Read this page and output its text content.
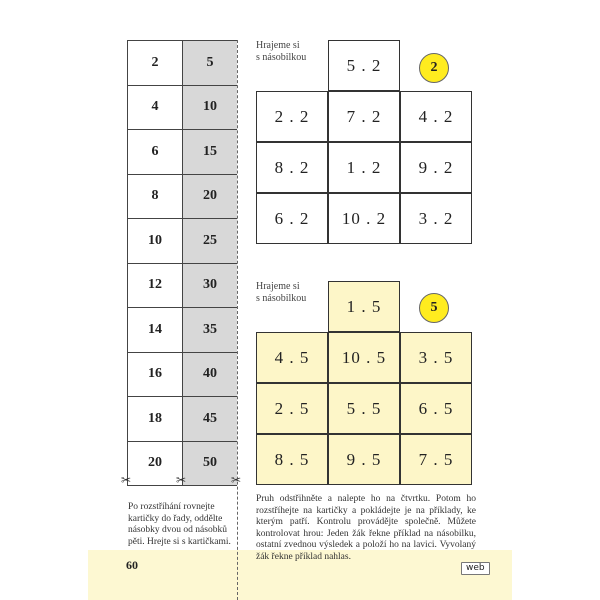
60	web
2	5
4	10
6	15
8	20
10	25
12	30
14	35
16	40
18	45
20	50
✂	✂	✂
Hrajeme si
s násobilkou	5 . 2
2 . 2	7 . 2	4 . 2
8 . 2	1 . 2	9 . 2
6 . 2	10 . 2	3 . 2
2
Hrajeme si
s násobilkou	1 . 5
4 . 5	10 . 5	3 . 5
2 . 5	5 . 5	6 . 5
8 . 5	9 . 5	7 . 5
5
Po rozstříhání rovnejte kartičky do řady, oddělte násobky dvou od násobků pěti. Hrejte si s kartičkami.
Pruh odstřihněte a nalepte ho na čtvrtku. Potom ho rozstříhejte na kartičky a pokládejte je na příklady, ke kterým patří. Kontrolu provádějte společně. Můžete kontrolovat hrou: Jeden žák řekne příklad na násobilku, ostatní zvednou výsledek a položí ho na lavici. Vyvolaný žák řekne příklad nahlas.
